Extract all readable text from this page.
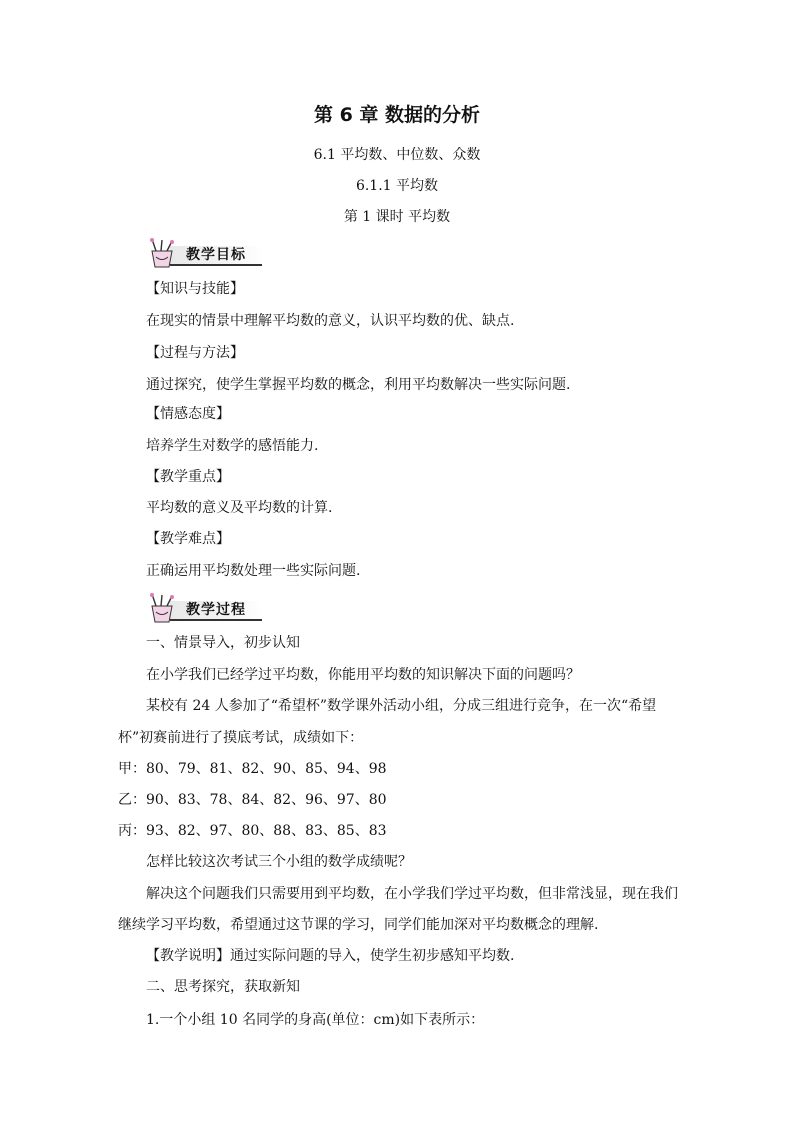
第 6 章 数据的分析
6.1 平均数、中位数、众数
6.1.1 平均数
第 1 课时 平均数
教学目标
【知识与技能】
在现实的情景中理解平均数的意义，认识平均数的优、缺点.
【过程与方法】
通过探究，使学生掌握平均数的概念，利用平均数解决一些实际问题.
【情感态度】
培养学生对数学的感悟能力.
【教学重点】
平均数的意义及平均数的计算.
【教学难点】
正确运用平均数处理一些实际问题.
教学过程
一、情景导入，初步认知
在小学我们已经学过平均数，你能用平均数的知识解决下面的问题吗？
某校有 24 人参加了“希望杯”数学课外活动小组，分成三组进行竞争，在一次“希望
杯”初赛前进行了摸底考试，成绩如下：
甲：80、79、81、82、90、85、94、98
乙：90、83、78、84、82、96、97、80
丙：93、82、97、80、88、83、85、83
怎样比较这次考试三个小组的数学成绩呢？
解决这个问题我们只需要用到平均数，在小学我们学过平均数，但非常浅显，现在我们
继续学习平均数，希望通过这节课的学习，同学们能加深对平均数概念的理解.
【教学说明】通过实际问题的导入，使学生初步感知平均数.
二、思考探究，获取新知
1.一个小组 10 名同学的身高(单位：cm)如下表所示：
